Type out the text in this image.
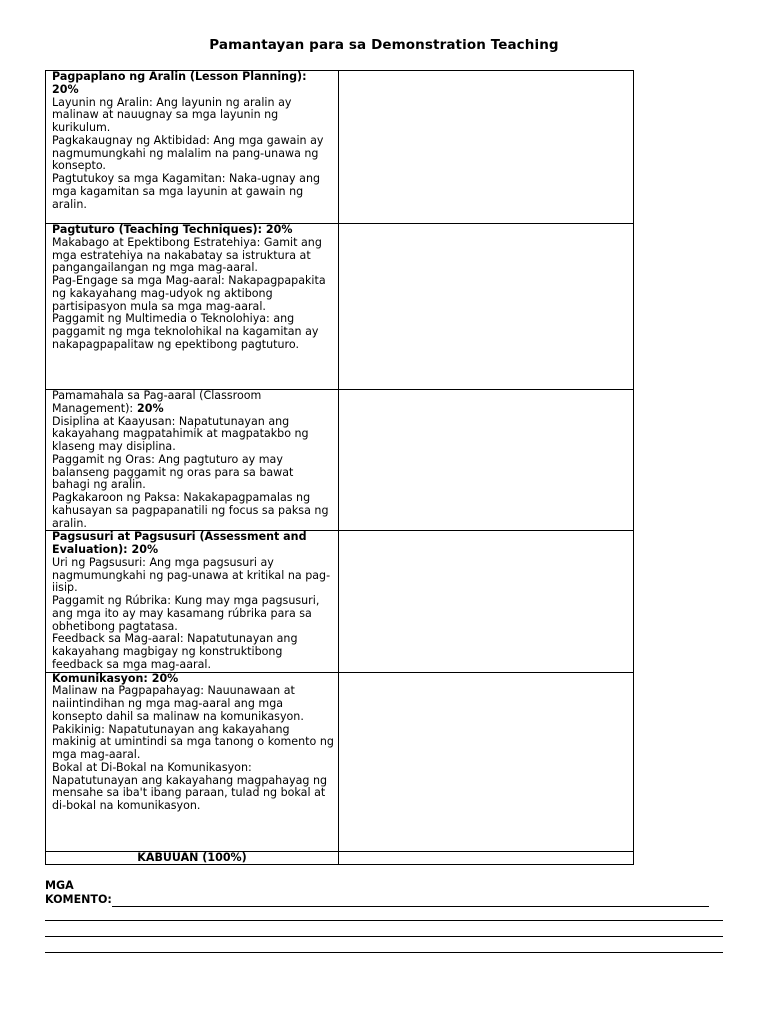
Pamantayan para sa Demonstration Teaching
Pagpaplano ng Aralin (Lesson Planning): 20%
Layunin ng Aralin: Ang layunin ng aralin ay malinaw at nauugnay sa mga layunin ng kurikulum.
Pagkakaugnay ng Aktibidad: Ang mga gawain ay nagmumungkahi ng malalim na pang-unawa ng konsepto.
Pagtutukoy sa mga Kagamitan: Naka-ugnay ang mga kagamitan sa mga layunin at gawain ng aralin.	

Pagtuturo (Teaching Techniques): 20%
Makabago at Epektibong Estratehiya: Gamit ang mga estratehiya na nakabatay sa istruktura at pangangailangan ng mga mag-aaral.
Pag-Engage sa mga Mag-aaral: Nakapagpapakita ng kakayahang mag-udyok ng aktibong partisipasyon mula sa mga mag-aaral.
Paggamit ng Multimedia o Teknolohiya: ang paggamit ng mga teknolohikal na kagamitan ay nakapagpapalitaw ng epektibong pagtuturo.	

Pamamahala sa Pag-aaral (Classroom Management): 20%
Disiplina at Kaayusan: Napatutunayan ang kakayahang magpatahimik at magpatakbo ng klaseng may disiplina.
Paggamit ng Oras: Ang pagtuturo ay may balanseng paggamit ng oras para sa bawat bahagi ng aralin.
Pagkakaroon ng Paksa: Nakakapagpamalas ng kahusayan sa pagpapanatili ng focus sa paksa ng aralin.	

Pagsusuri at Pagsusuri (Assessment and Evaluation): 20%
Uri ng Pagsusuri: Ang mga pagsusuri ay nagmumungkahi ng pag-unawa at kritikal na pag-iisip.
Paggamit ng Rúbrika: Kung may mga pagsusuri, ang mga ito ay may kasamang rúbrika para sa obhetibong pagtatasa.
Feedback sa Mag-aaral: Napatutunayan ang kakayahang magbigay ng konstruktibong feedback sa mga mag-aaral.	

Komunikasyon: 20%
Malinaw na Pagpapahayag: Nauunawaan at naiintindihan ng mga mag-aaral ang mga konsepto dahil sa malinaw na komunikasyon.
Pakikinig: Napatutunayan ang kakayahang makinig at umintindi sa mga tanong o komento ng mga mag-aaral.
Bokal at Di-Bokal na Komunikasyon: Napatutunayan ang kakayahang magpahayag ng mensahe sa iba't ibang paraan, tulad ng bokal at di-bokal na komunikasyon.	

KABUUAN (100%)	
MGA
KOMENTO:
